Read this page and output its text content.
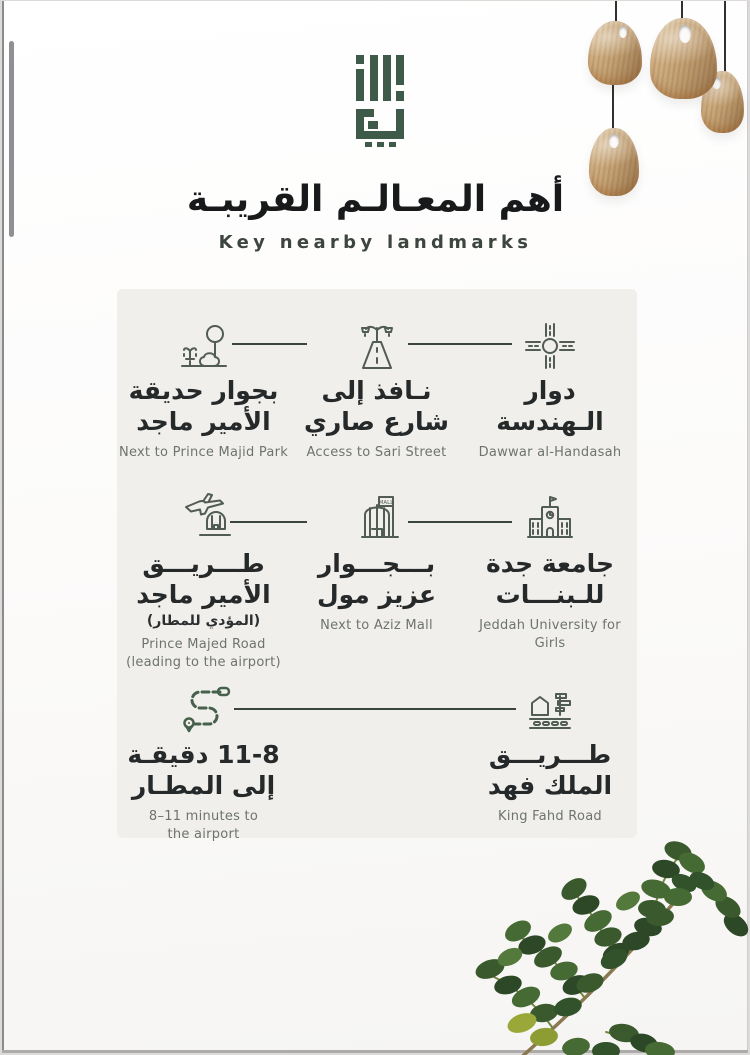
أهم المعـالـم القريبـة
Key nearby landmarks
دوار
الـهندسة
Dawwar al-Handasah
نـافذ إلى
شارع صاري
Access to Sari Street
بجوار حديقة
الأمير ماجد
Next to Prince Majid Park
جامعة جدة
للـبنـــات
Jeddah University for Girls
MALL
بـــجـــوار
عزيز مول
Next to Aziz Mall
طـــريـــق
الأمير ماجد
(المؤدي للمطار)
Prince Majed Road
(leading to the airport)
طـــريـــق
الملك فهد
King Fahd Road
11-8 دقيقـة
إلى المطـار
8–11 minutes to
the airport
